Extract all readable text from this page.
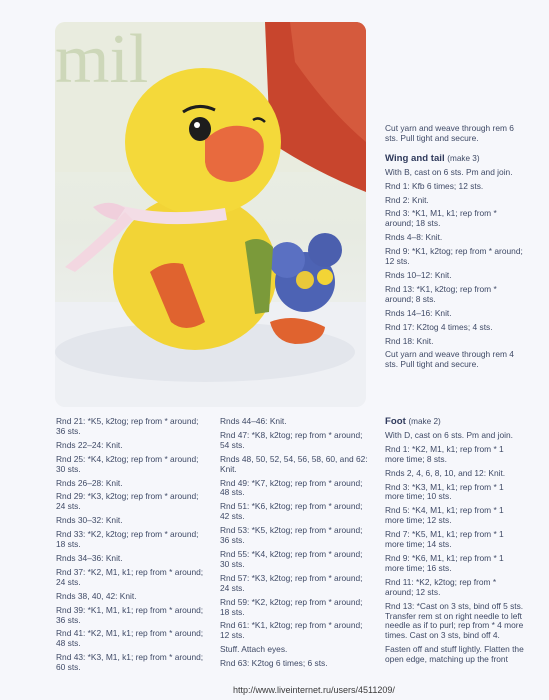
mil

Rnd 21: *K5, k2tog; rep from * around; 36 sts.

Rnds 22–24: Knit.

Rnd 25: *K4, k2tog; rep from * around; 30 sts.

Rnds 26–28: Knit.

Rnd 29: *K3, k2tog; rep from * around; 24 sts.

Rnds 30–32: Knit.

Rnd 33: *K2, k2tog; rep from * around; 18 sts.

Rnds 34–36: Knit.

Rnd 37: *K2, M1, k1; rep from * around; 24 sts.

Rnds 38, 40, 42: Knit.

Rnd 39: *K1, M1, k1; rep from * around; 36 sts.

Rnd 41: *K2, M1, k1; rep from * around; 48 sts.

Rnd 43: *K3, M1, k1; rep from * around; 60 sts.

Rnds 44–46: Knit.

Rnd 47: *K8, k2tog; rep from * around; 54 sts.

Rnds 48, 50, 52, 54, 56, 58, 60, and 62: Knit.

Rnd 49: *K7, k2tog; rep from * around; 48 sts.

Rnd 51: *K6, k2tog; rep from * around; 42 sts.

Rnd 53: *K5, k2tog; rep from * around; 36 sts.

Rnd 55: *K4, k2tog; rep from * around; 30 sts.

Rnd 57: *K3, k2tog; rep from * around; 24 sts.

Rnd 59: *K2, k2tog; rep from * around; 18 sts.

Rnd 61: *K1, k2tog; rep from * around; 12 sts.

Stuff. Attach eyes.

Rnd 63: K2tog 6 times; 6 sts.

Cut yarn and weave through rem 6 sts. Pull tight and secure.

Wing and tail (make 3)

With B, cast on 6 sts. Pm and join.

Rnd 1: Kfb 6 times; 12 sts.

Rnd 2: Knit.

Rnd 3: *K1, M1, k1; rep from * around; 18 sts.

Rnds 4–8: Knit.

Rnd 9: *K1, k2tog; rep from * around; 12 sts.

Rnds 10–12: Knit.

Rnd 13: *K1, k2tog; rep from * around; 8 sts.

Rnds 14–16: Knit.

Rnd 17: K2tog 4 times; 4 sts.

Rnd 18: Knit.

Cut yarn and weave through rem 4 sts. Pull tight and secure.

Foot (make 2)

With D, cast on 6 sts. Pm and join.

Rnd 1: *K2, M1, k1; rep from * 1 more time; 8 sts.

Rnds 2, 4, 6, 8, 10, and 12: Knit.

Rnd 3: *K3, M1, k1; rep from * 1 more time; 10 sts.

Rnd 5: *K4, M1, k1; rep from * 1 more time; 12 sts.

Rnd 7: *K5, M1, k1; rep from * 1 more time; 14 sts.

Rnd 9: *K6, M1, k1; rep from * 1 more time; 16 sts.

Rnd 11: *K2, k2tog; rep from * around; 12 sts.

Rnd 13: *Cast on 3 sts, bind off 5 sts. Transfer rem st on right needle to left needle as if to purl; rep from * 4 more times. Cast on 3 sts, bind off 4.

Fasten off and stuff lightly. Flatten the open edge, matching up the front

http://www.liveinternet.ru/users/4511209/
